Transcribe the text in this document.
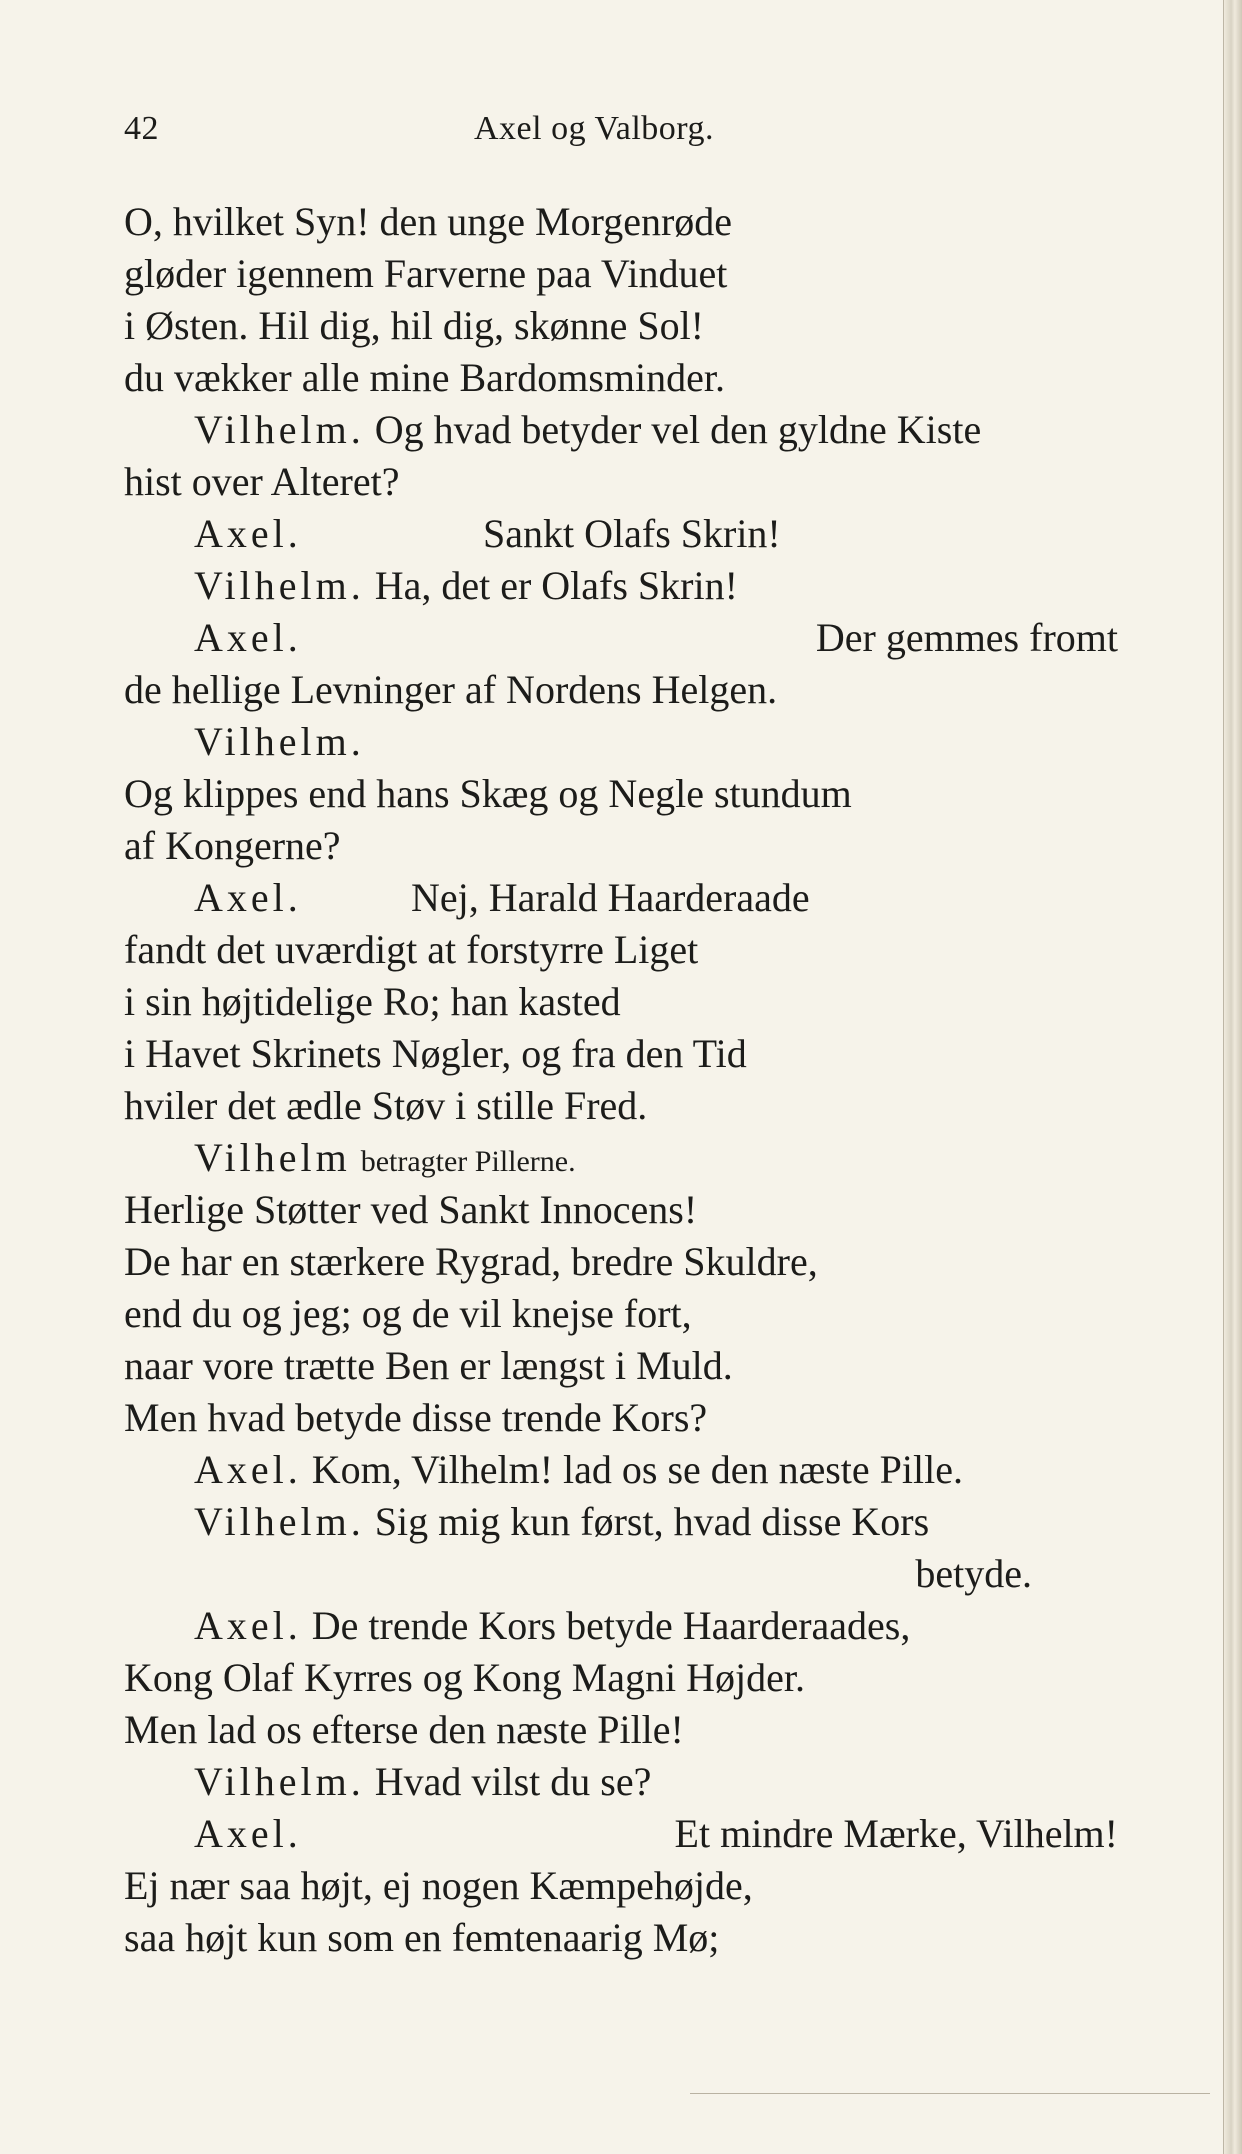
42	Axel og Valborg.
O, hvilket Syn! den unge Morgenrøde
gløder igennem Farverne paa Vinduet
i Østen. Hil dig, hil dig, skønne Sol!
du vækker alle mine Bardomsminder.
Vilhelm. Og hvad betyder vel den gyldne Kiste
hist over Alteret?
Axel.	Sankt Olafs Skrin!
Vilhelm. Ha, det er Olafs Skrin!
Axel.	Der gemmes fromt
de hellige Levninger af Nordens Helgen.
Vilhelm.
Og klippes end hans Skæg og Negle stundum
af Kongerne?
Axel.	Nej, Harald Haarderaade
fandt det uværdigt at forstyrre Liget
i sin højtidelige Ro; han kasted
i Havet Skrinets Nøgler, og fra den Tid
hviler det ædle Støv i stille Fred.
Vilhelm betragter Pillerne.
Herlige Støtter ved Sankt Innocens!
De har en stærkere Rygrad, bredre Skuldre,
end du og jeg; og de vil knejse fort,
naar vore trætte Ben er længst i Muld.
Men hvad betyde disse trende Kors?
Axel. Kom, Vilhelm! lad os se den næste Pille.
Vilhelm. Sig mig kun først, hvad disse Kors
betyde.
Axel. De trende Kors betyde Haarderaades,
Kong Olaf Kyrres og Kong Magni Højder.
Men lad os efterse den næste Pille!
Vilhelm. Hvad vilst du se?
Axel.	Et mindre Mærke, Vilhelm!
Ej nær saa højt, ej nogen Kæmpehøjde,
saa højt kun som en femtenaarig Mø;
